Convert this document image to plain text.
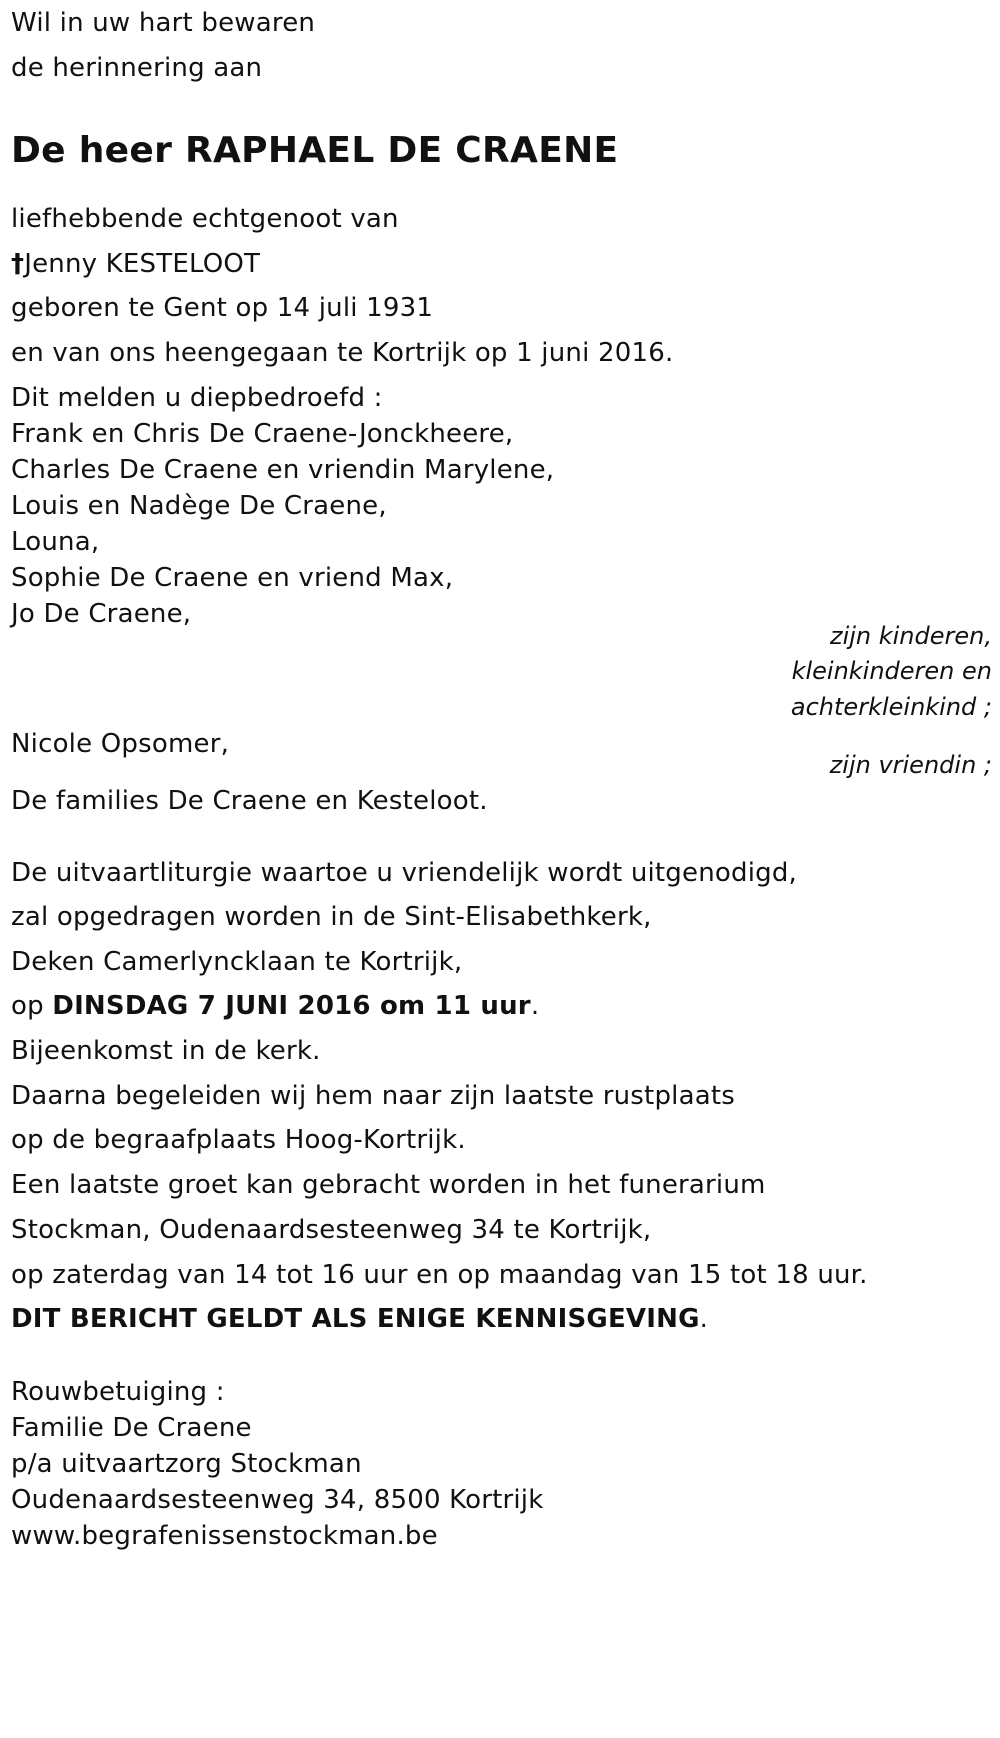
Wil in uw hart bewaren
de herinnering aan
De heer RAPHAEL DE CRAENE
liefhebbende echtgenoot van
†Jenny KESTELOOT
geboren te Gent op 14 juli 1931
en van ons heengegaan te Kortrijk op 1 juni 2016.
Dit melden u diepbedroefd :
Frank en Chris De Craene-Jonckheere,
Charles De Craene en vriendin Marylene,
Louis en Nadège De Craene,
Louna,
Sophie De Craene en vriend Max,
Jo De Craene,
zijn kinderen,
kleinkinderen en
achterkleinkind ;
Nicole Opsomer,
zijn vriendin ;
De families De Craene en Kesteloot.
De uitvaartliturgie waartoe u vriendelijk wordt uitgenodigd,
zal opgedragen worden in de Sint-Elisabethkerk,
Deken Camerlyncklaan te Kortrijk,
op DINSDAG 7 JUNI 2016 om 11 uur.
Bijeenkomst in de kerk.
Daarna begeleiden wij hem naar zijn laatste rustplaats
op de begraafplaats Hoog-Kortrijk.
Een laatste groet kan gebracht worden in het funerarium
Stockman, Oudenaardsesteenweg 34 te Kortrijk,
op zaterdag van 14 tot 16 uur en op maandag van 15 tot 18 uur.
DIT BERICHT GELDT ALS ENIGE KENNISGEVING.
Rouwbetuiging :
Familie De Craene
p/a uitvaartzorg Stockman
Oudenaardsesteenweg 34, 8500 Kortrijk
www.begrafenissenstockman.be
